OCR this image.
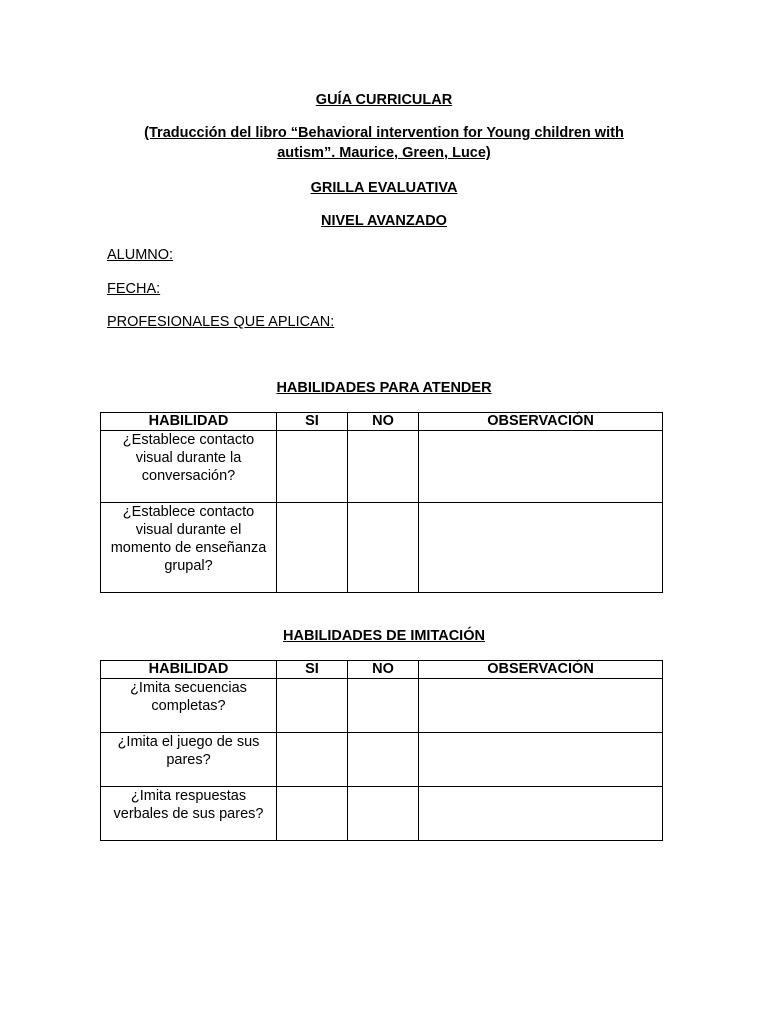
GUÍA CURRICULAR
(Traducción del libro “Behavioral intervention for Young children with
autism”. Maurice, Green, Luce)
GRILLA EVALUATIVA
NIVEL AVANZADO
ALUMNO:
FECHA:
PROFESIONALES QUE APLICAN:
HABILIDADES PARA ATENDER
HABILIDAD	SI	NO	OBSERVACIÓN
¿Establece contacto visual durante la conversación?			
¿Establece contacto visual durante el momento de enseñanza grupal?			
HABILIDADES DE IMITACIÓN
HABILIDAD	SI	NO	OBSERVACIÓN
¿Imita secuencias completas?			
¿Imita el juego de sus pares?			
¿Imita respuestas verbales de sus pares?			
